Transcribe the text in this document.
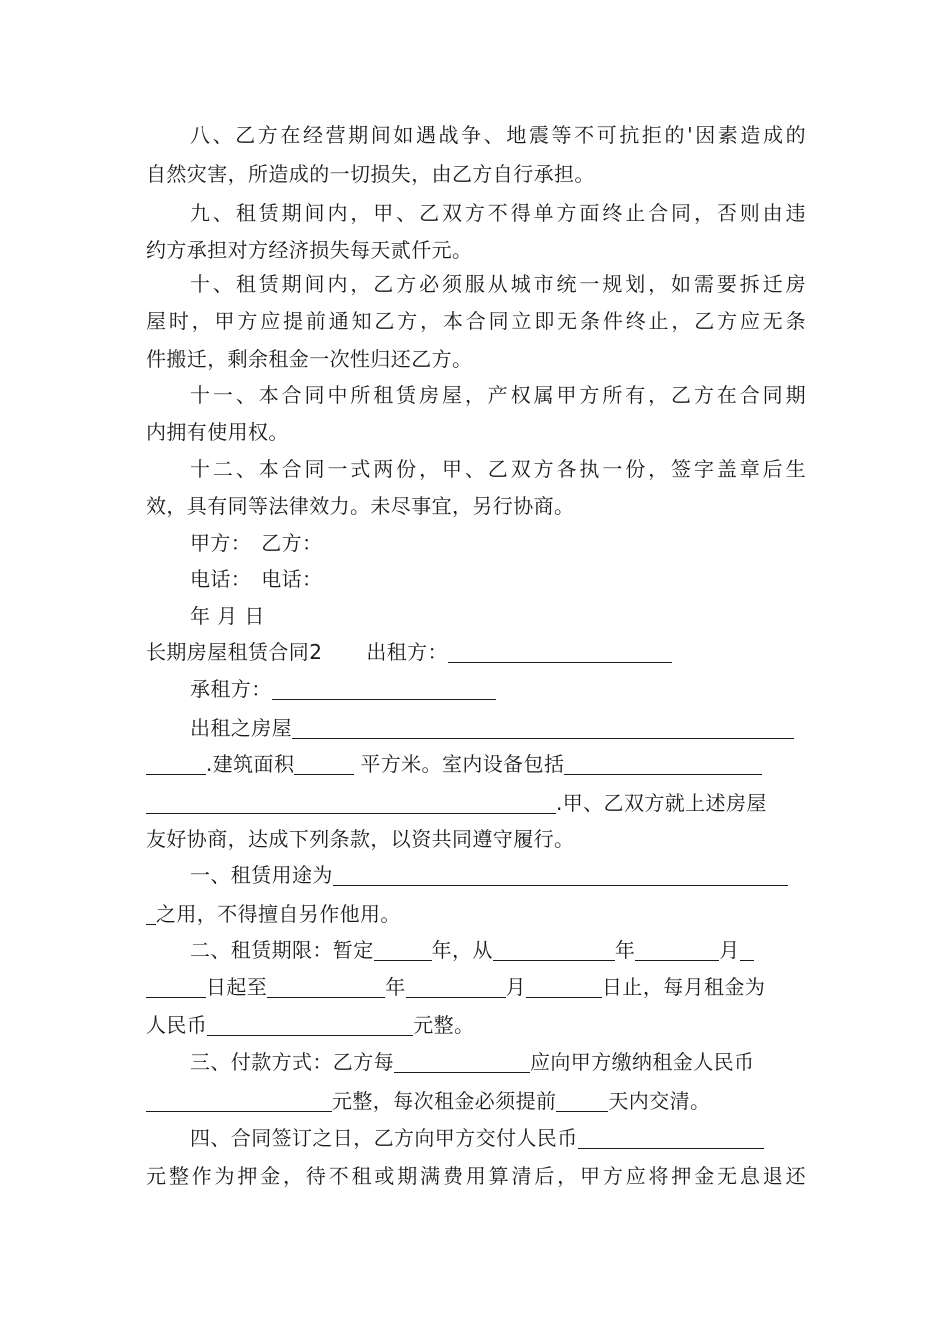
八、乙方在经营期间如遇战争、地震等不可抗拒的'因素造成的
自然灾害，所造成的一切损失，由乙方自行承担。
九、租赁期间内，甲、乙双方不得单方面终止合同，否则由违
约方承担对方经济损失每天贰仟元。
十、租赁期间内，乙方必须服从城市统一规划，如需要拆迁房
屋时，甲方应提前通知乙方，本合同立即无条件终止，乙方应无条
件搬迁，剩余租金一次性归还乙方。
十一、本合同中所租赁房屋，产权属甲方所有，乙方在合同期
内拥有使用权。
十二、本合同一式两份，甲、乙双方各执一份，签字盖章后生
效，具有同等法律效力。未尽事宜，另行协商。
甲方： 乙方：
电话： 电话：
年 月 日
长期房屋租赁合同2 出租方：
承租方：
出租之房屋
.建筑面积	平方米。室内设备包括
.甲、乙双方就上述房屋
友好协商，达成下列条款，以资共同遵守履行。
一、租赁用途为
之用，不得擅自另作他用。
二、租赁期限：暂定	年，从	年	月
日起至	年	月	日止，每月租金为
人民币	元整。
三、付款方式：乙方每	应向甲方缴纳租金人民币
元整，每次租金必须提前	天内交清。
四、合同签订之日，乙方向甲方交付人民币
元整作为押金，待不租或期满费用算清后，甲方应将押金无息退还
